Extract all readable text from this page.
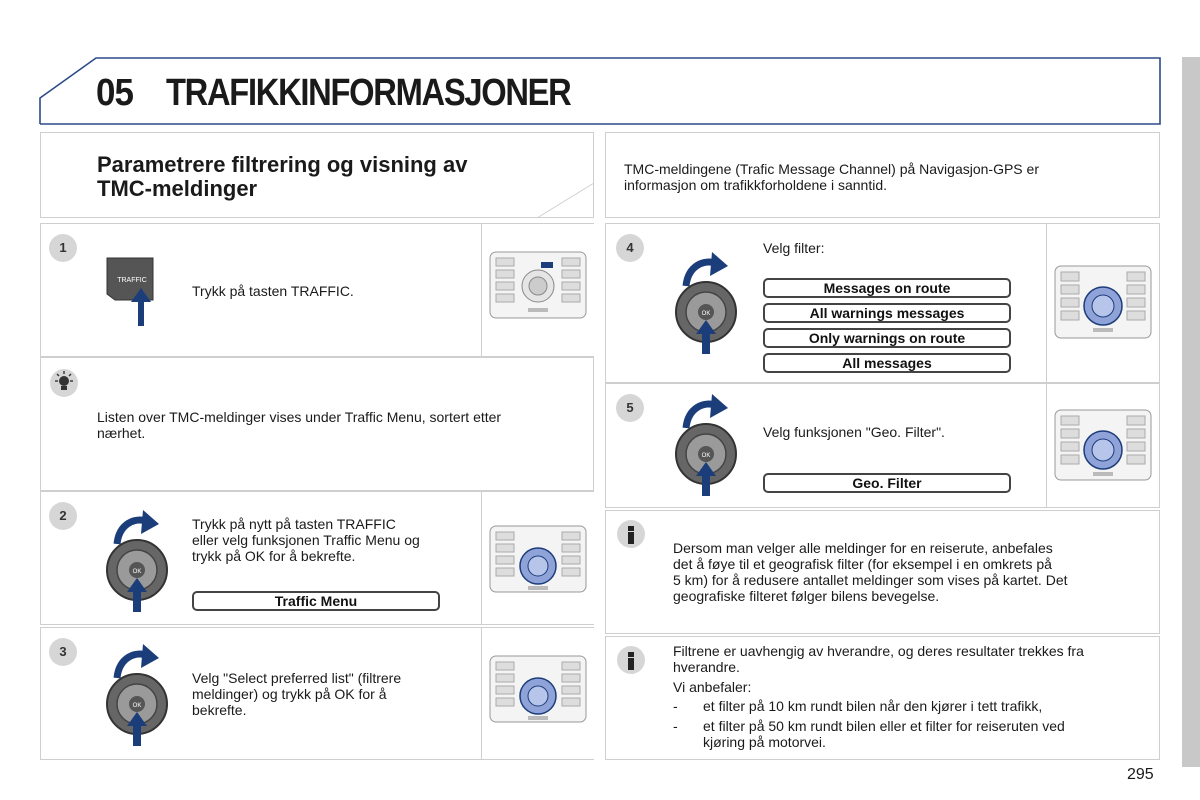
05 TRAFIKKINFORMASJONER
Parametrere filtrering og visning av
TMC-meldinger
TMC-meldingene (Trafic Message Channel) på Navigasjon-GPS er
informasjon om trafikkforholdene i sanntid.
1
TRAFFIC
Trykk på tasten TRAFFIC.
Listen over TMC-meldinger vises under Traffic Menu, sortert etter
nærhet.
2
OK
Trykk på nytt på tasten TRAFFIC
eller velg funksjonen Traffic Menu og
trykk på OK for å bekrefte.
Traffic Menu
3
OK
Velg "Select preferred list" (filtrere
meldinger) og trykk på OK for å
bekrefte.
4
OK
Velg filter:
Messages on route
All warnings messages
Only warnings on route
All messages
5
OK
Velg funksjonen "Geo. Filter".
Geo. Filter
Dersom man velger alle meldinger for en reiserute, anbefales
det å føye til et geografisk filter (for eksempel i en omkrets på
5 km) for å redusere antallet meldinger som vises på kartet. Det
geografiske filteret følger bilens bevegelse.
Filtrene er uavhengig av hverandre, og deres resultater trekkes fra
hverandre.
Vi anbefaler:
- et filter på 10 km rundt bilen når den kjører i tett trafikk,
- et filter på 50 km rundt bilen eller et filter for reiseruten ved
kjøring på motorvei.
295
